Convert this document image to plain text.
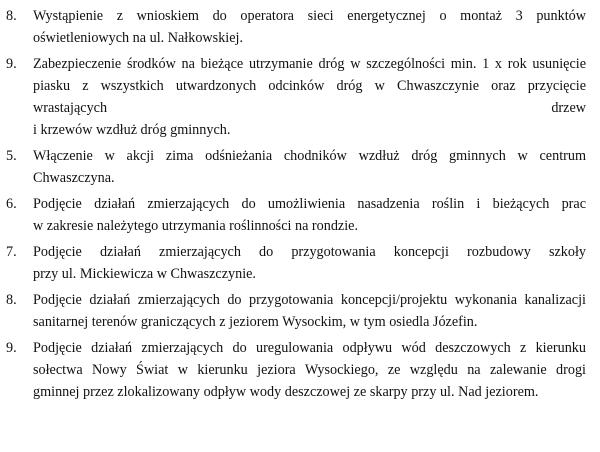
8.	Wystąpienie z wnioskiem do operatora sieci energetycznej o montaż 3 punktów
oświetleniowych na ul. Nałkowskiej.
9.	Zabezpieczenie środków na bieżące utrzymanie dróg w szczególności min. 1 x rok usunięcie
piasku z wszystkich utwardzonych odcinków dróg w Chwaszczynie oraz przycięcie
wrastających drzew
i krzewów wzdłuż dróg gminnych.
5.	Włączenie w akcji zima odśnieżania chodników wzdłuż dróg gminnych w centrum
Chwaszczyna.
6.	Podjęcie działań zmierzających do umożliwienia nasadzenia roślin i bieżących prac
w zakresie należytego utrzymania roślinności na rondzie.
7.	Podjęcie działań zmierzających do przygotowania koncepcji rozbudowy szkoły
przy ul. Mickiewicza w Chwaszczynie.
8.	Podjęcie działań zmierzających do przygotowania koncepcji/projektu wykonania kanalizacji
sanitarnej terenów graniczących z jeziorem Wysockim, w tym osiedla Józefin.
9.	Podjęcie działań zmierzających do uregulowania odpływu wód deszczowych z kierunku
sołectwa Nowy Świat w kierunku jeziora Wysockiego, ze względu na zalewanie drogi
gminnej przez zlokalizowany odpływ wody deszczowej ze skarpy przy ul. Nad jeziorem.
